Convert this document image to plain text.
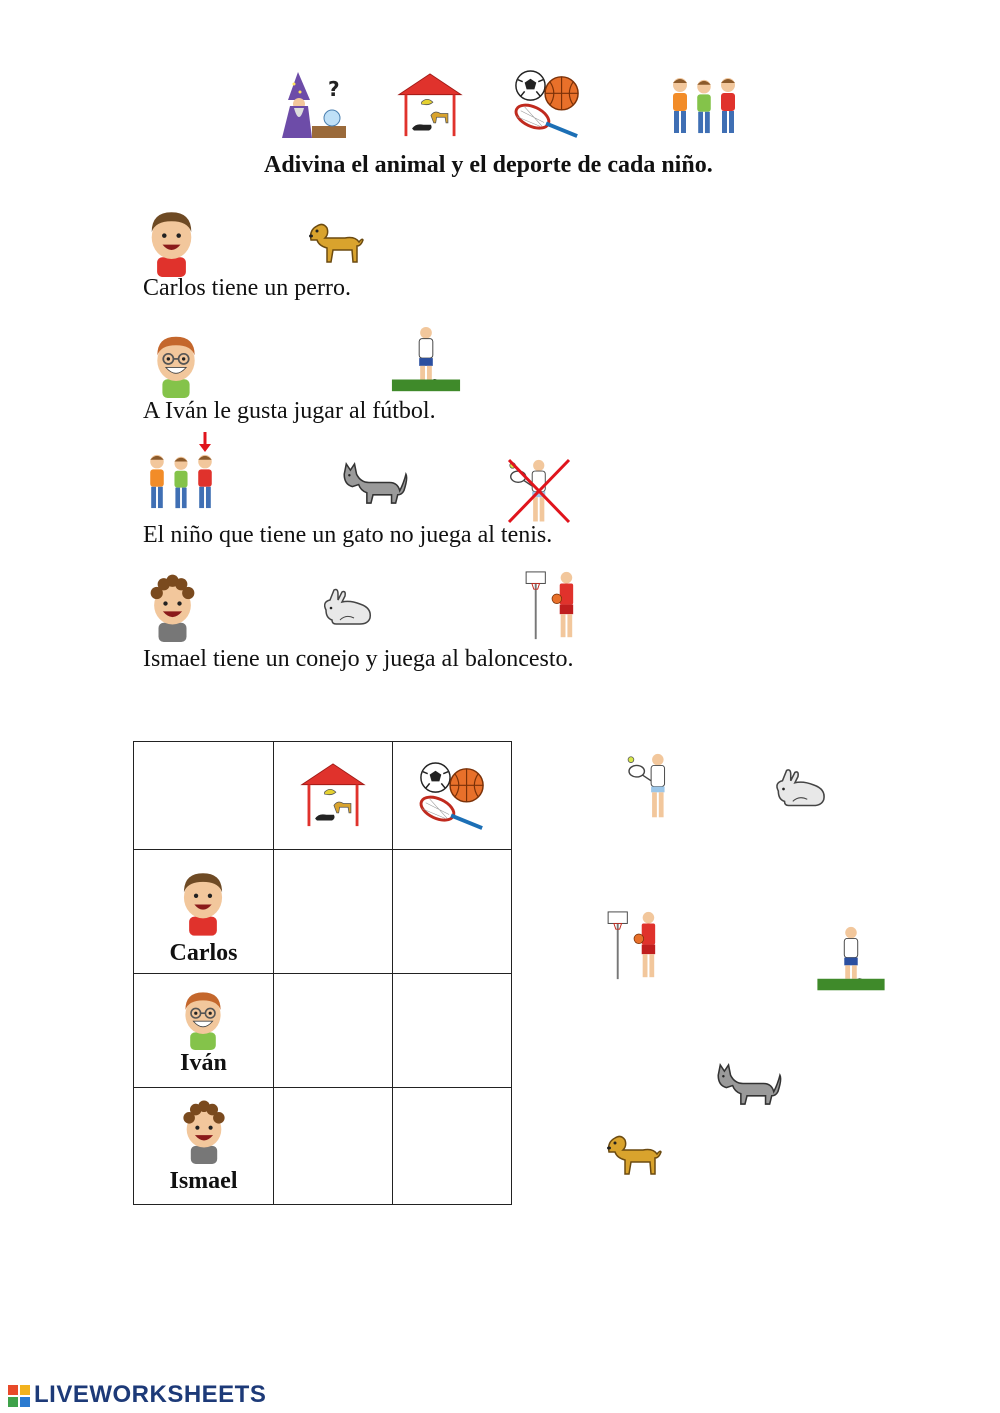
Adivina el animal y el deporte de cada niño.
Carlos tiene un perro.
A Iván le gusta jugar al fútbol.
El niño que tiene un gato no juega al tenis.
Ismael tiene un conejo y juega al baloncesto.
Carlos
Iván
Ismael
LIVEWORKSHEETS
